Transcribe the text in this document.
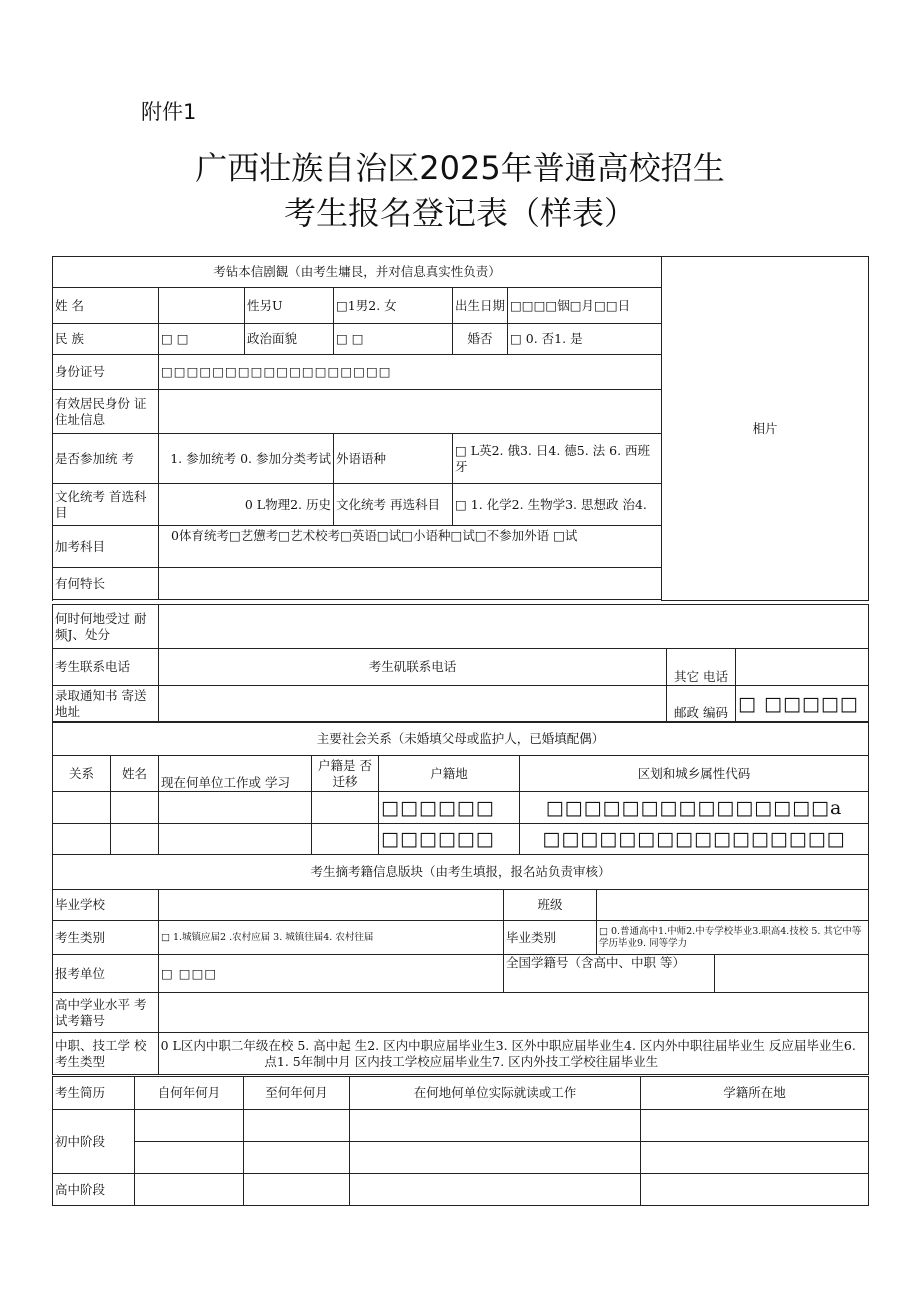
附件1
广西壮族自治区2025年普通高校招生
考生报名登记表（样表）
考钻本信剧観（由考生墉艮，并对信息真实性负责）						相片
姓 名		性另U	□1男2. 女	出生日期	□□□□铟□月□□日	
民 族	□ □	政治面貌	□ □	婚否	□ 0. 否1. 是	
身份证号	□□□□□□□□□□□□□□□□□□					
有效居民身份 证住址信息						
是否参加统 考	1. 参加统考 0. 参加分类考试		外语语种	□ L英2. 俄3. 日4. 德5. 法 6. 西班牙		
文化统考 首选科目	0 L物理2. 历史		文化统考 再选科目	□ 1. 化学2. 生物学3. 思想政 治4.		
加考科目	0体育统考□艺憊考□艺术校考□英语□试□小语种□试□不参加外语 □试					
有何特长						

何时何地受过 耐频J、处分			
考生联系电话	考生矶联系电话	其它 电话	
录取通知书 寄送地址		邮政 编码	□ □□□□□
主要社会关系（未婚填父母或监护人，已婚填配偶）					
关系	姓名	现在何单位工作或 学习	户籍是 否迁移	户籍地	区划和城乡属性代码
				□□□□□□	□□□□□□□□□□□□□□□a
				□□□□□□	□□□□□□□□□□□□□□□□
考生摘考籍信息版块（由考生填报，报名站负责审核）				
毕业学校		班级		
考生类别	□ 1.城镇应届2 .农村应届 3. 城镇往届4. 农村往届	毕业类别	□ 0.普通高中1.中师2.中专学校毕业3.职高4.技校 5. 其它中等学历毕业9. 同等学力	
报考单位	□ □□□	全国学籍号（含高中、中职 等）		
高中学业水平 考试考籍号				
中职、技工学 校考生类型	0 L区内中职二年级在校 5. 高中起点1. 5年制中月
生2. 区内中职应届毕业生3. 区外中职应届毕业生4. 区内外中职往届毕业生 反应届毕业生6. 区内技工学校应届毕业生7. 区内外技工学校往届毕业生			
考生简历	自何年何月	至何年何月	在何地何单位实际就读或工作	学籍所在地
初中阶段				

高中阶段				
